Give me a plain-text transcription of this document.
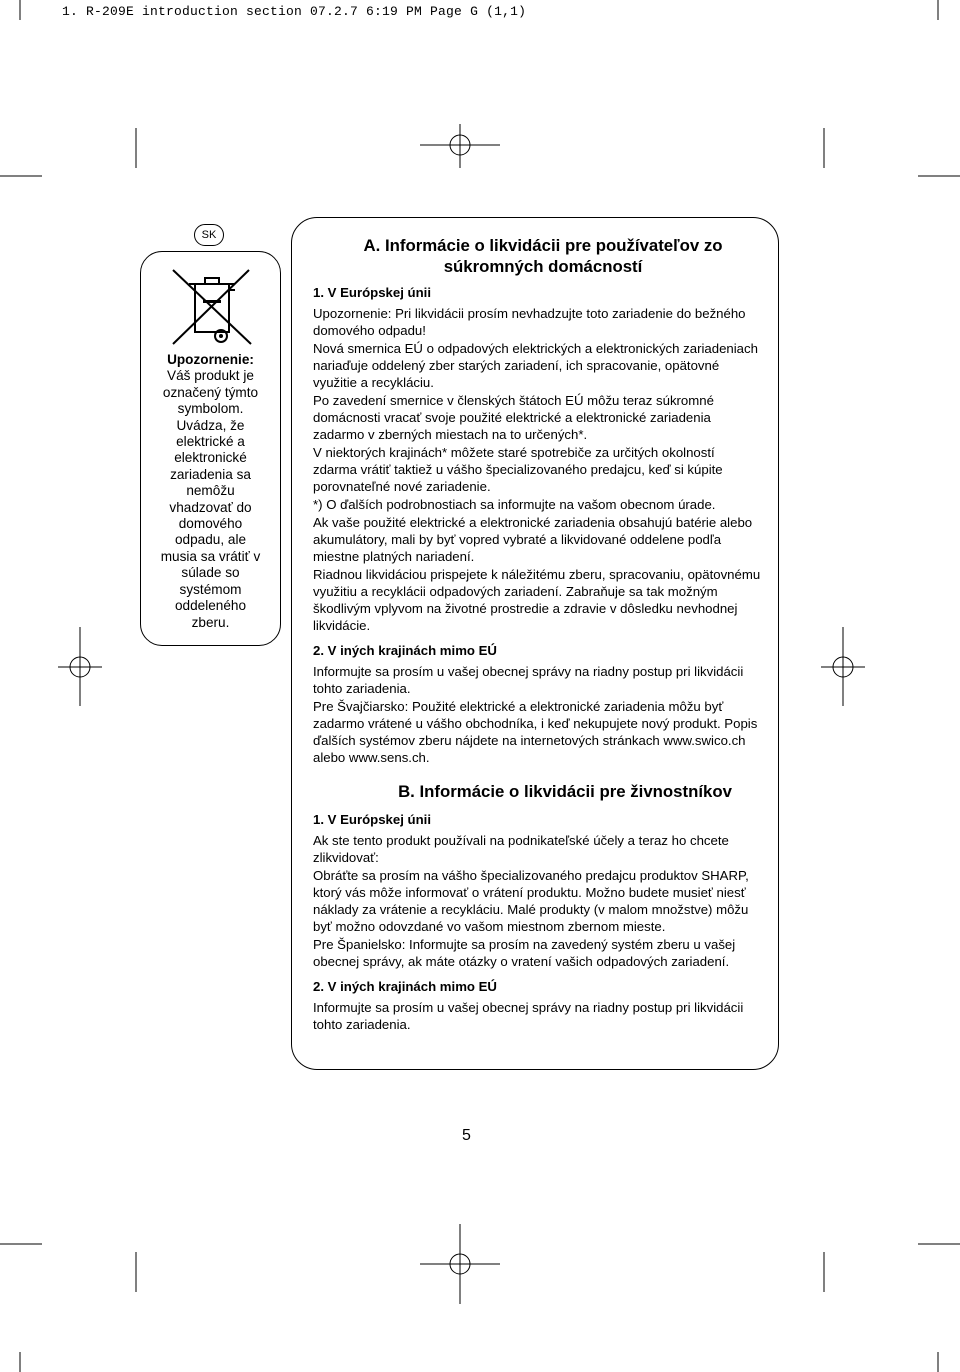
1. R-209E introduction section 07.2.7 6:19 PM Page G (1,1)
SK
Upozornenie:
Váš produkt je
označený týmto
symbolom.
Uvádza, že
elektrické a
elektronické
zariadenia sa
nemôžu
vhadzovať do
domového
odpadu, ale
musia sa vrátiť v
súlade so
systémom
oddeleného
zberu.
A. Informácie o likvidácii pre používateľov zo
súkromných domácností

1. V Európskej únii

Upozornenie: Pri likvidácii prosím nevhadzujte toto zariadenie do bežného domového odpadu!

Nová smernica EÚ o odpadových elektrických a elektronických zariadeniach nariaďuje oddelený zber starých zariadení, ich spracovanie, opätovné využitie a recykláciu.

Po zavedení smernice v členských štátoch EÚ môžu teraz súkromné domácnosti vracať svoje použité elektrické a elektronické zariadenia zadarmo v zberných miestach na to určených*.

V niektorých krajinách* môžete staré spotrebiče za určitých okolností zdarma vrátiť taktiež u vášho špecializovaného predajcu, keď si kúpite porovnateľné nové zariadenie.

*) O ďalších podrobnostiach sa informujte na vašom obecnom úrade.

Ak vaše použité elektrické a elektronické zariadenia obsahujú batérie alebo akumulátory, mali by byť vopred vybraté a likvidované oddelene podľa miestne platných nariadení.

Riadnou likvidáciou prispejete k náležitému zberu, spracovaniu, opätovnému využitiu a recyklácii odpadových zariadení. Zabraňuje sa tak možným škodlivým vplyvom na životné prostredie a zdravie v dôsledku nevhodnej likvidácie.

2. V iných krajinách mimo EÚ

Informujte sa prosím u vašej obecnej správy na riadny postup pri likvidácii tohto zariadenia.

Pre Švajčiarsko: Použité elektrické a elektronické zariadenia môžu byť zadarmo vrátené u vášho obchodníka, i keď nekupujete nový produkt. Popis ďalších systémov zberu nájdete na internetových stránkach www.swico.ch alebo www.sens.ch.

B. Informácie o likvidácii pre živnostníkov

1. V Európskej únii

Ak ste tento produkt používali na podnikateľské účely a teraz ho chcete zlikvidovať:

Obráťte sa prosím na vášho špecializovaného predajcu produktov SHARP, ktorý vás môže informovať o vrátení produktu. Možno budete musieť niesť náklady za vrátenie a recykláciu. Malé produkty (v malom množstve) môžu byť možno odovzdané vo vašom miestnom zbernom mieste.

Pre Španielsko: Informujte sa prosím na zavedený systém zberu u vašej obecnej správy, ak máte otázky o vratení vašich odpadových zariadení.

2. V iných krajinách mimo EÚ

Informujte sa prosím u vašej obecnej správy na riadny postup pri likvidácii tohto zariadenia.

5
